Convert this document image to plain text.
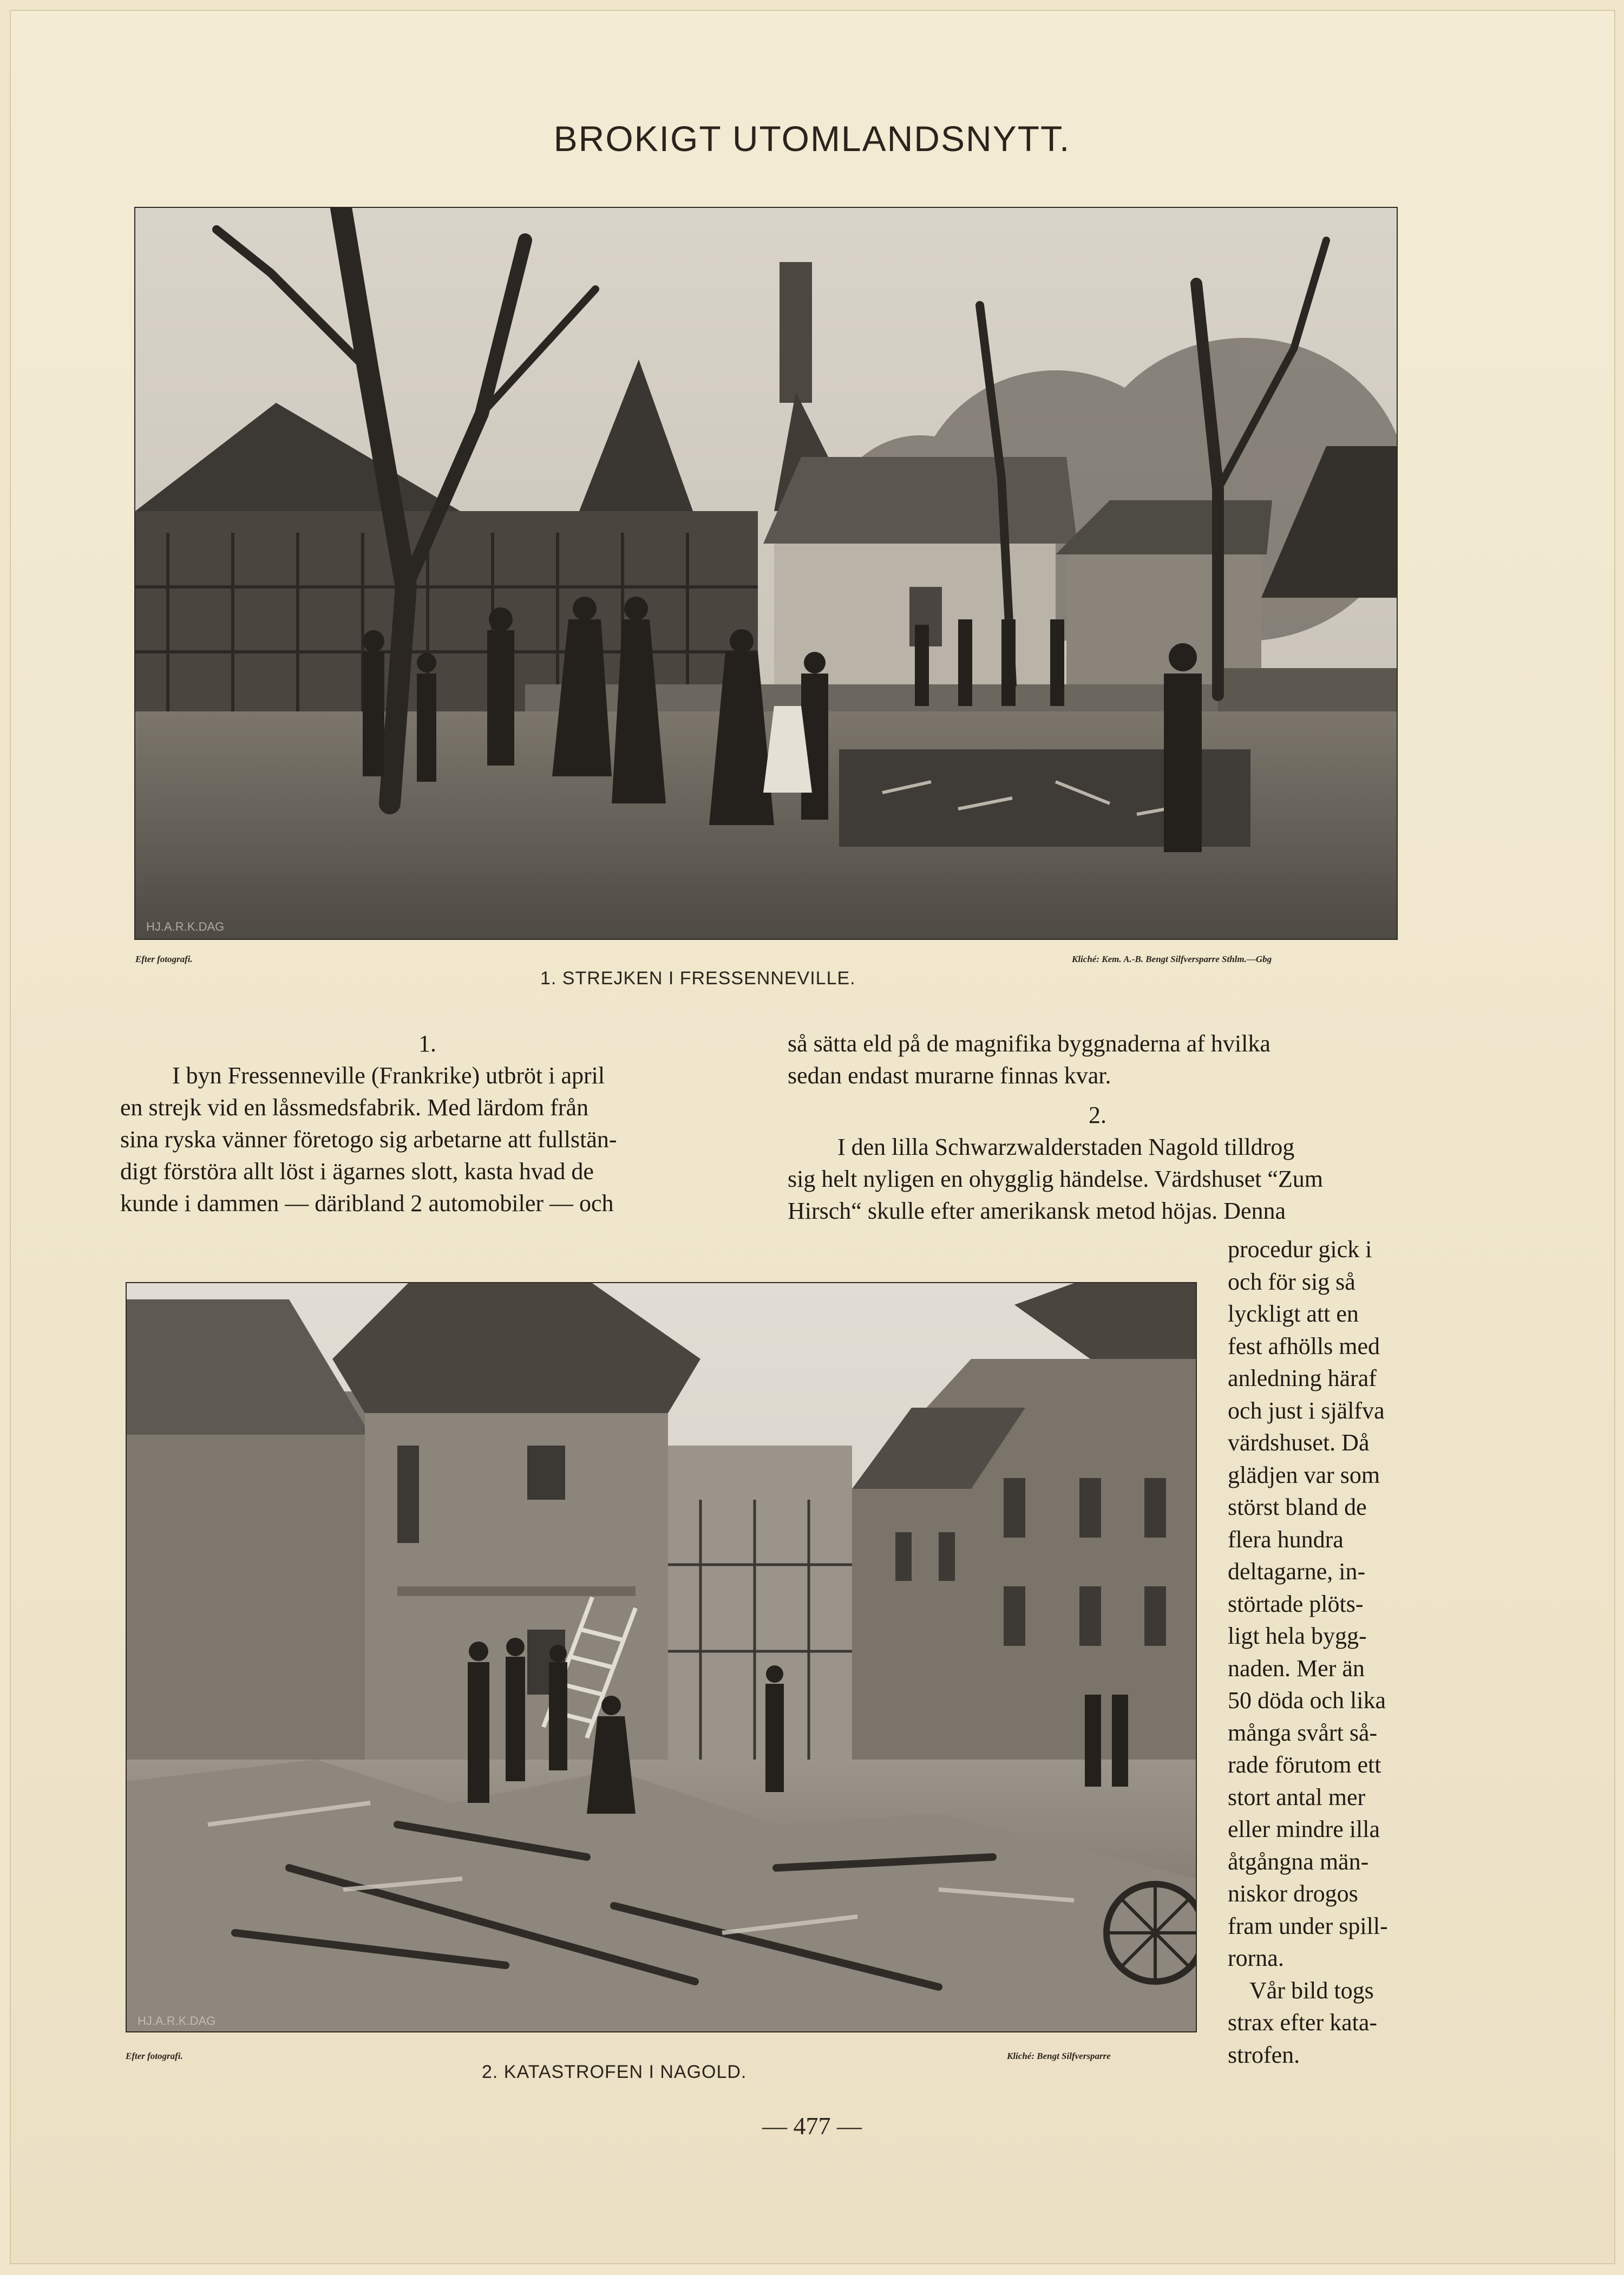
BROKIGT UTOMLANDSNYTT.
HJ.A.R.K.DAG
Efter fotografi.
1. STREJKEN I FRESSENNEVILLE.
Kliché: Kem. A.-B. Bengt Silfversparre Sthlm.—Gbg

1.

I byn Fressenneville (Frankrike) utbröt i april

en strejk vid en låssmedsfabrik. Med lärdom från

sina ryska vänner företogo sig arbetarne att fullstän-

digt förstöra allt löst i ägarnes slott, kasta hvad de

kunde i dammen — däribland 2 automobiler — och

så sätta eld på de magnifika byggnaderna af hvilka

sedan endast murarne finnas kvar.

2.

I den lilla Schwarzwalderstaden Nagold tilldrog

sig helt nyligen en ohygglig händelse. Värdshuset “Zum

Hirsch“ skulle efter amerikansk metod höjas. Denna

HJ.A.R.K.DAG
procedur gick i
och för sig så
lyckligt att en
fest afhölls med
anledning häraf
och just i själfva
värdshuset. Då
glädjen var som
störst bland de
flera hundra
deltagarne, in-
störtade plöts-
ligt hela bygg-
naden. Mer än
50 döda och lika
många svårt så-
rade förutom ett
stort antal mer
eller mindre illa
åtgångna män-
niskor drogos
fram under spill-
rorna.
Vår bild togs
strax efter kata-
strofen.
Efter fotografi.
2. KATASTROFEN I NAGOLD.
Kliché: Bengt Silfversparre
— 477 —
